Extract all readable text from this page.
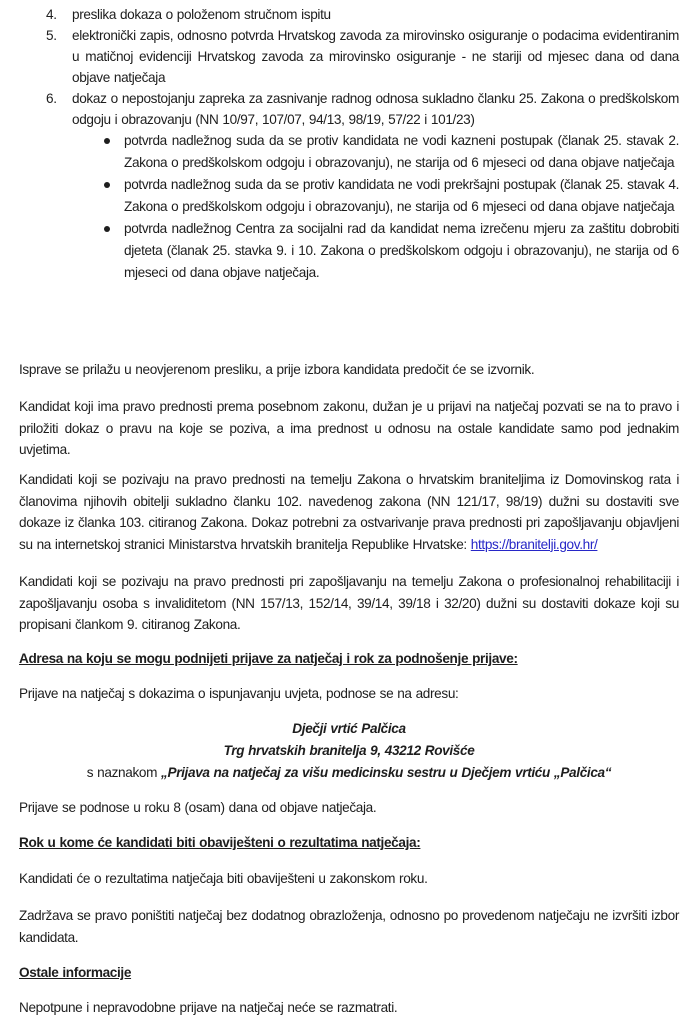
4. preslika dokaza o položenom stručnom ispitu

5. elektronički zapis, odnosno potvrda Hrvatskog zavoda za mirovinsko osiguranje o podacima evidentiranim u matičnoj evidenciji Hrvatskog zavoda za mirovinsko osiguranje - ne stariji od mjesec dana od dana objave natječaja

6. dokaz o nepostojanju zapreka za zasnivanje radnog odnosa sukladno članku 25. Zakona o predškolskom odgoju i obrazovanju (NN 10/97, 107/07, 94/13, 98/19, 57/22 i 101/23)

potvrda nadležnog suda da se protiv kandidata ne vodi kazneni postupak (članak 25. stavak 2. Zakona o predškolskom odgoju i obrazovanju), ne starija od 6 mjeseci od dana objave natječaja

potvrda nadležnog suda da se protiv kandidata ne vodi prekršajni postupak (članak 25. stavak 4. Zakona o predškolskom odgoju i obrazovanju), ne starija od 6 mjeseci od dana objave natječaja

potvrda nadležnog Centra za socijalni rad da kandidat nema izrečenu mjeru za zaštitu dobrobiti djeteta (članak 25. stavka 9. i 10. Zakona o predškolskom odgoju i obrazovanju), ne starija od 6 mjeseci od dana objave natječaja.

Isprave se prilažu u neovjerenom presliku, a prije izbora kandidata predočit će se izvornik.

Kandidat koji ima pravo prednosti prema posebnom zakonu, dužan je u prijavi na natječaj pozvati se na to pravo i priložiti dokaz o pravu na koje se poziva, a ima prednost u odnosu na ostale kandidate samo pod jednakim uvjetima.

Kandidati koji se pozivaju na pravo prednosti na temelju Zakona o hrvatskim braniteljima iz Domovinskog rata i članovima njihovih obitelji sukladno članku 102. navedenog zakona (NN 121/17, 98/19) dužni su dostaviti sve dokaze iz članka 103. citiranog Zakona. Dokaz potrebni za ostvarivanje prava prednosti pri zapošljavanju objavljeni su na internetskoj stranici Ministarstva hrvatskih branitelja Republike Hrvatske: https://branitelji.gov.hr/

Kandidati koji se pozivaju na pravo prednosti pri zapošljavanju na temelju Zakona o profesionalnoj rehabilitaciji i zapošljavanju osoba s invaliditetom (NN 157/13, 152/14, 39/14, 39/18 i 32/20) dužni su dostaviti dokaze koji su propisani člankom 9. citiranog Zakona.

Adresa na koju se mogu podnijeti prijave za natječaj i rok za podnošenje prijave:

Prijave na natječaj s dokazima o ispunjavanju uvjeta, podnose se na adresu:

Dječji vrtić Palčica
Trg hrvatskih branitelja 9, 43212 Rovišće
s naznakom „Prijava na natječaj za višu medicinsku sestru u Dječjem vrtiću „Palčica“

Prijave se podnose u roku 8 (osam) dana od objave natječaja.

Rok u kome će kandidati biti obaviješteni o rezultatima natječaja:

Kandidati će o rezultatima natječaja biti obaviješteni u zakonskom roku.

Zadržava se pravo poništiti natječaj bez dodatnog obrazloženja, odnosno po provedenom natječaju ne izvršiti izbor kandidata.

Ostale informacije

Nepotpune i nepravodobne prijave na natječaj neće se razmatrati.
